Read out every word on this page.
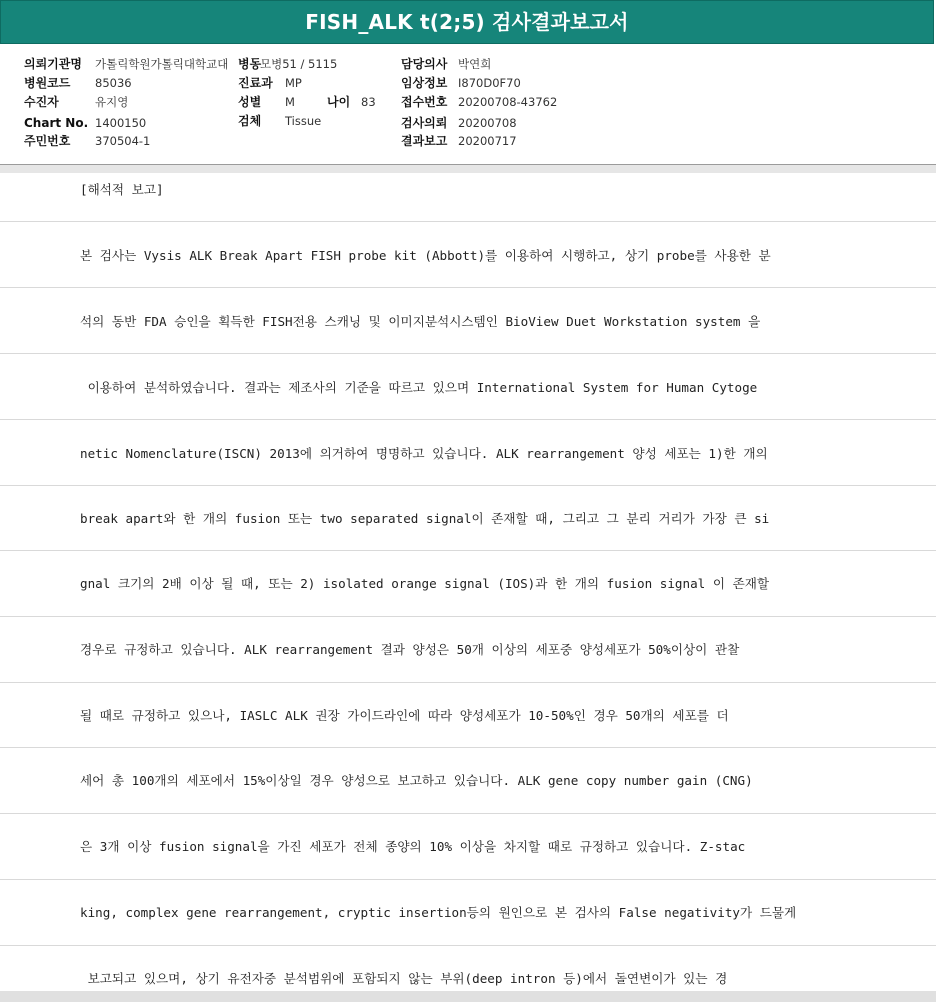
FISH_ALK t(2;5) 검사결과보고서
의뢰기관명 가톨릭학원가톨릭대학교대
병원코드 85036
수진자	유지영
Chart No. 1400150
주민번호 370504-1
병동모병51 / 5115
진료과 MP
성별 M	나이 83
검체 Tissue
담당의사 박연희
임상정보 I870D0F70
접수번호 20200708-43762
검사의뢰 20200708
결과보고 20200717
[해석적 보고]
본 검사는 Vysis ALK Break Apart FISH probe kit (Abbott)를 이용하여 시행하고, 상기 probe를 사용한 분
석의 동반 FDA 승인을 획득한 FISH전용 스캐닝 및 이미지분석시스템인 BioView Duet Workstation system 을
이용하여 분석하였습니다. 결과는 제조사의 기준을 따르고 있으며 International System for Human Cytoge
netic Nomenclature(ISCN) 2013에 의거하여 명명하고 있습니다. ALK rearrangement 양성 세포는 1)한 개의
break apart와 한 개의 fusion 또는 two separated signal이 존재할 때, 그리고 그 분리 거리가 가장 큰 si
gnal 크기의 2배 이상 될 때, 또는 2) isolated orange signal (IOS)과 한 개의 fusion signal 이 존재할
경우로 규정하고 있습니다. ALK rearrangement 결과 양성은 50개 이상의 세포중 양성세포가 50%이상이 관찰
될 때로 규정하고 있으나, IASLC ALK 권장 가이드라인에 따라 양성세포가 10-50%인 경우 50개의 세포를 더
세어 총 100개의 세포에서 15%이상일 경우 양성으로 보고하고 있습니다. ALK gene copy number gain (CNG)
은 3개 이상 fusion signal을 가진 세포가 전체 종양의 10% 이상을 차지할 때로 규정하고 있습니다. Z-stac
king, complex gene rearrangement, cryptic insertion등의 원인으로 본 검사의 False negativity가 드물게
보고되고 있으며, 상기 유전자중 분석범위에 포함되지 않는 부위(deep intron 등)에서 돌연변이가 있는 경
